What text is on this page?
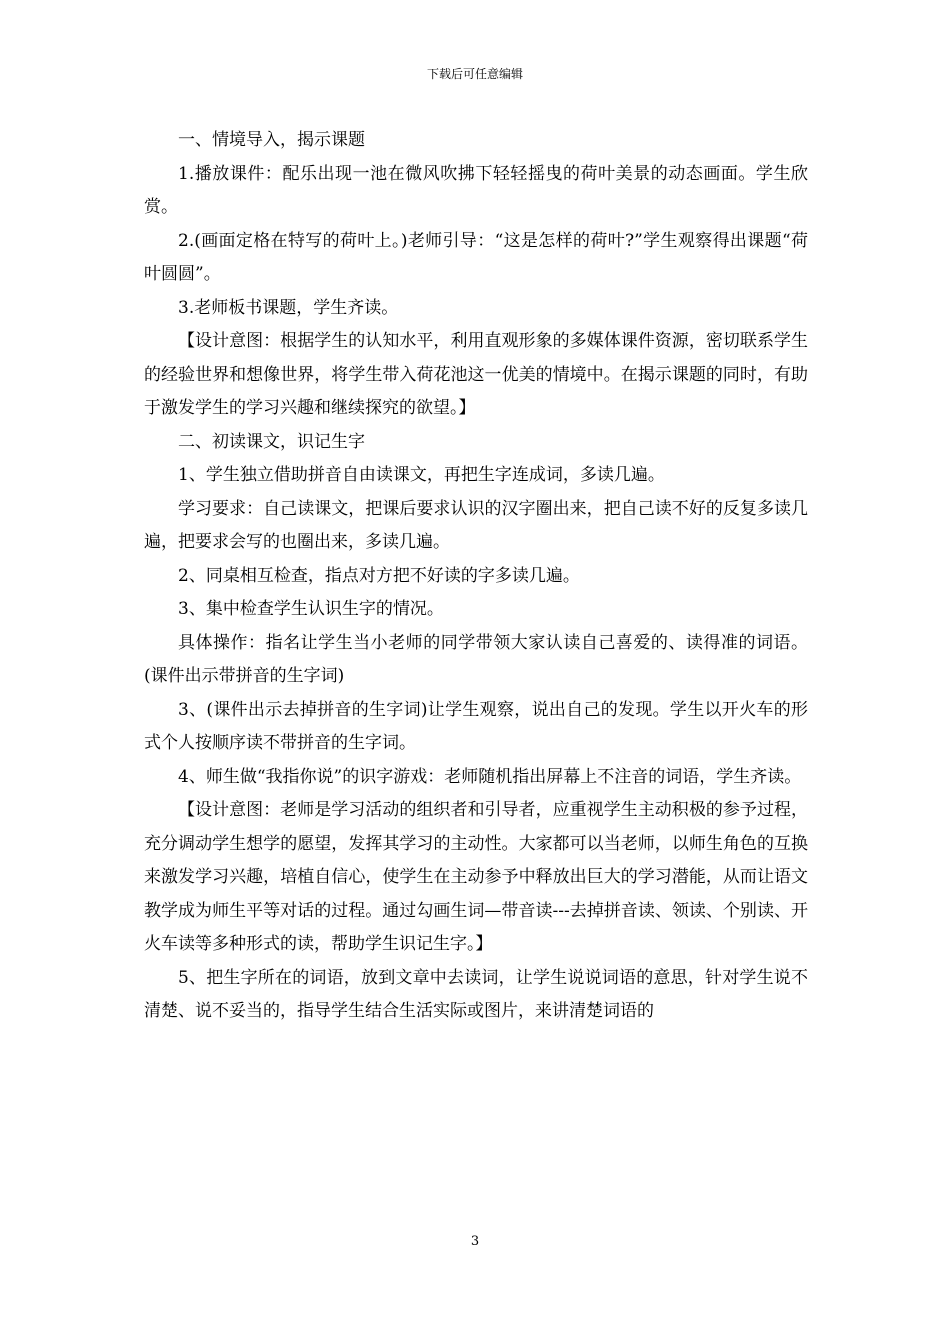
下载后可任意编辑

一、情境导入，揭示课题

1.播放课件：配乐出现一池在微风吹拂下轻轻摇曳的荷叶美景的动态画面。学生欣赏。

2.(画面定格在特写的荷叶上。)老师引导：“这是怎样的荷叶?”学生观察得出课题“荷叶圆圆”。

3.老师板书课题，学生齐读。

【设计意图：根据学生的认知水平，利用直观形象的多媒体课件资源，密切联系学生的经验世界和想像世界，将学生带入荷花池这一优美的情境中。在揭示课题的同时，有助于激发学生的学习兴趣和继续探究的欲望。】

二、初读课文，识记生字

1、学生独立借助拼音自由读课文，再把生字连成词，多读几遍。

学习要求：自己读课文，把课后要求认识的汉字圈出来，把自己读不好的反复多读几遍，把要求会写的也圈出来，多读几遍。

2、同桌相互检查，指点对方把不好读的字多读几遍。

3、集中检查学生认识生字的情况。

具体操作：指名让学生当小老师的同学带领大家认读自己喜爱的、读得准的词语。(课件出示带拼音的生字词)

3、(课件出示去掉拼音的生字词)让学生观察，说出自己的发现。学生以开火车的形式个人按顺序读不带拼音的生字词。

4、师生做“我指你说”的识字游戏：老师随机指出屏幕上不注音的词语，学生齐读。

【设计意图：老师是学习活动的组织者和引导者，应重视学生主动积极的参予过程，充分调动学生想学的愿望，发挥其学习的主动性。大家都可以当老师，以师生角色的互换来激发学习兴趣，培植自信心，使学生在主动参予中释放出巨大的学习潜能，从而让语文教学成为师生平等对话的过程。通过勾画生词—带音读---去掉拼音读、领读、个别读、开火车读等多种形式的读，帮助学生识记生字。】

5、把生字所在的词语，放到文章中去读词，让学生说说词语的意思，针对学生说不清楚、说不妥当的，指导学生结合生活实际或图片，来讲清楚词语的

3
